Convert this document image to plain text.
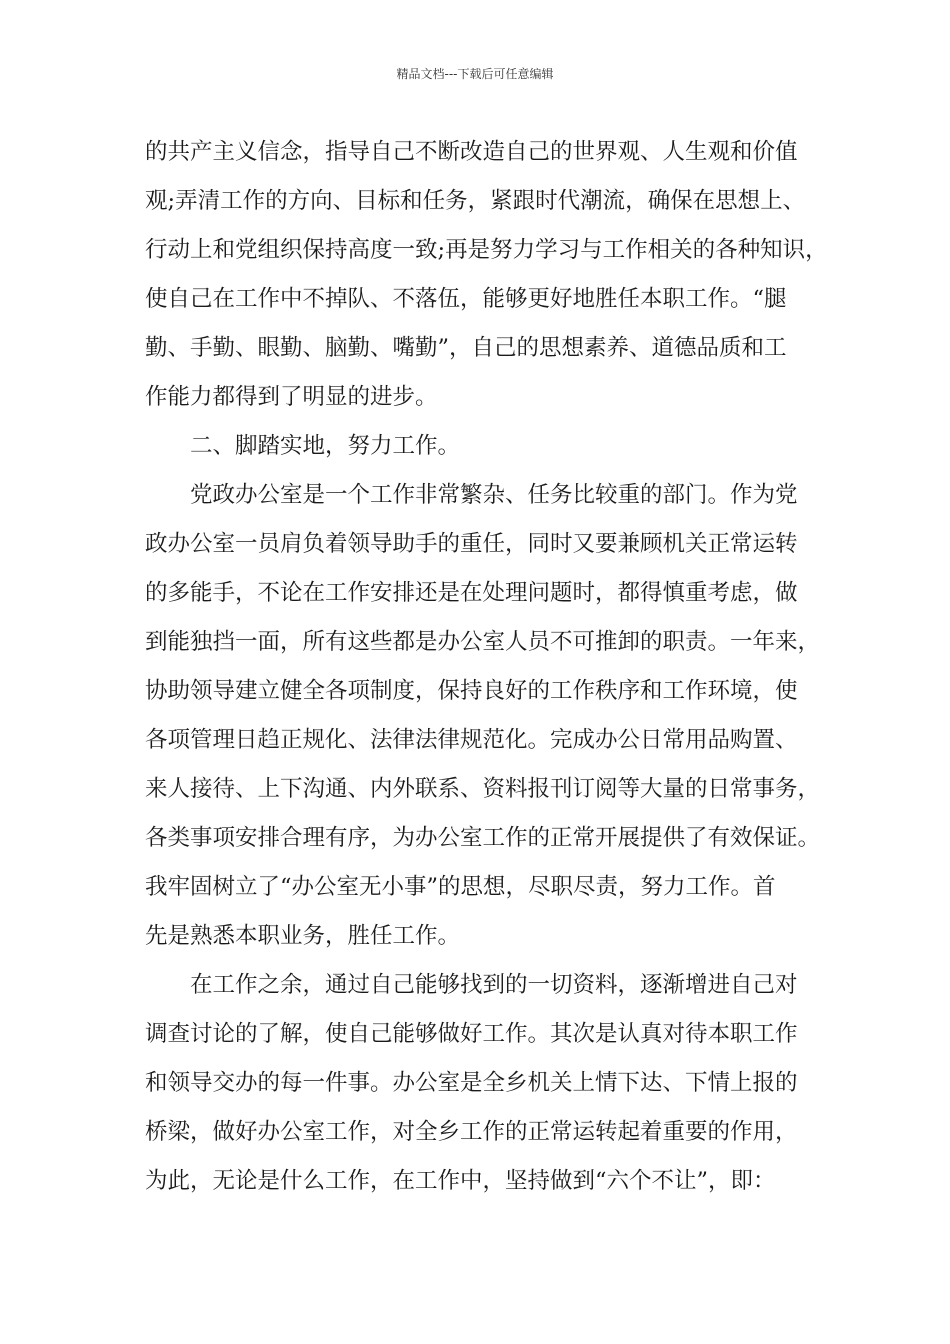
精品文档---下载后可任意编辑
的共产主义信念，指导自己不断改造自己的世界观、人生观和价值
观;弄清工作的方向、目标和任务，紧跟时代潮流，确保在思想上、
行动上和党组织保持高度一致;再是努力学习与工作相关的各种知识，
使自己在工作中不掉队、不落伍，能够更好地胜任本职工作。“腿
勤、手勤、眼勤、脑勤、嘴勤”，自己的思想素养、道德品质和工
作能力都得到了明显的进步。
二、脚踏实地，努力工作。
党政办公室是一个工作非常繁杂、任务比较重的部门。作为党
政办公室一员肩负着领导助手的重任，同时又要兼顾机关正常运转
的多能手，不论在工作安排还是在处理问题时，都得慎重考虑，做
到能独挡一面，所有这些都是办公室人员不可推卸的职责。一年来，
协助领导建立健全各项制度，保持良好的工作秩序和工作环境，使
各项管理日趋正规化、法律法律规范化。完成办公日常用品购置、
来人接待、上下沟通、内外联系、资料报刊订阅等大量的日常事务，
各类事项安排合理有序，为办公室工作的正常开展提供了有效保证。
我牢固树立了“办公室无小事”的思想，尽职尽责，努力工作。首
先是熟悉本职业务，胜任工作。
在工作之余，通过自己能够找到的一切资料，逐渐增进自己对
调查讨论的了解，使自己能够做好工作。其次是认真对待本职工作
和领导交办的每一件事。办公室是全乡机关上情下达、下情上报的
桥梁，做好办公室工作，对全乡工作的正常运转起着重要的作用，
为此，无论是什么工作，在工作中，坚持做到“六个不让”，即：
